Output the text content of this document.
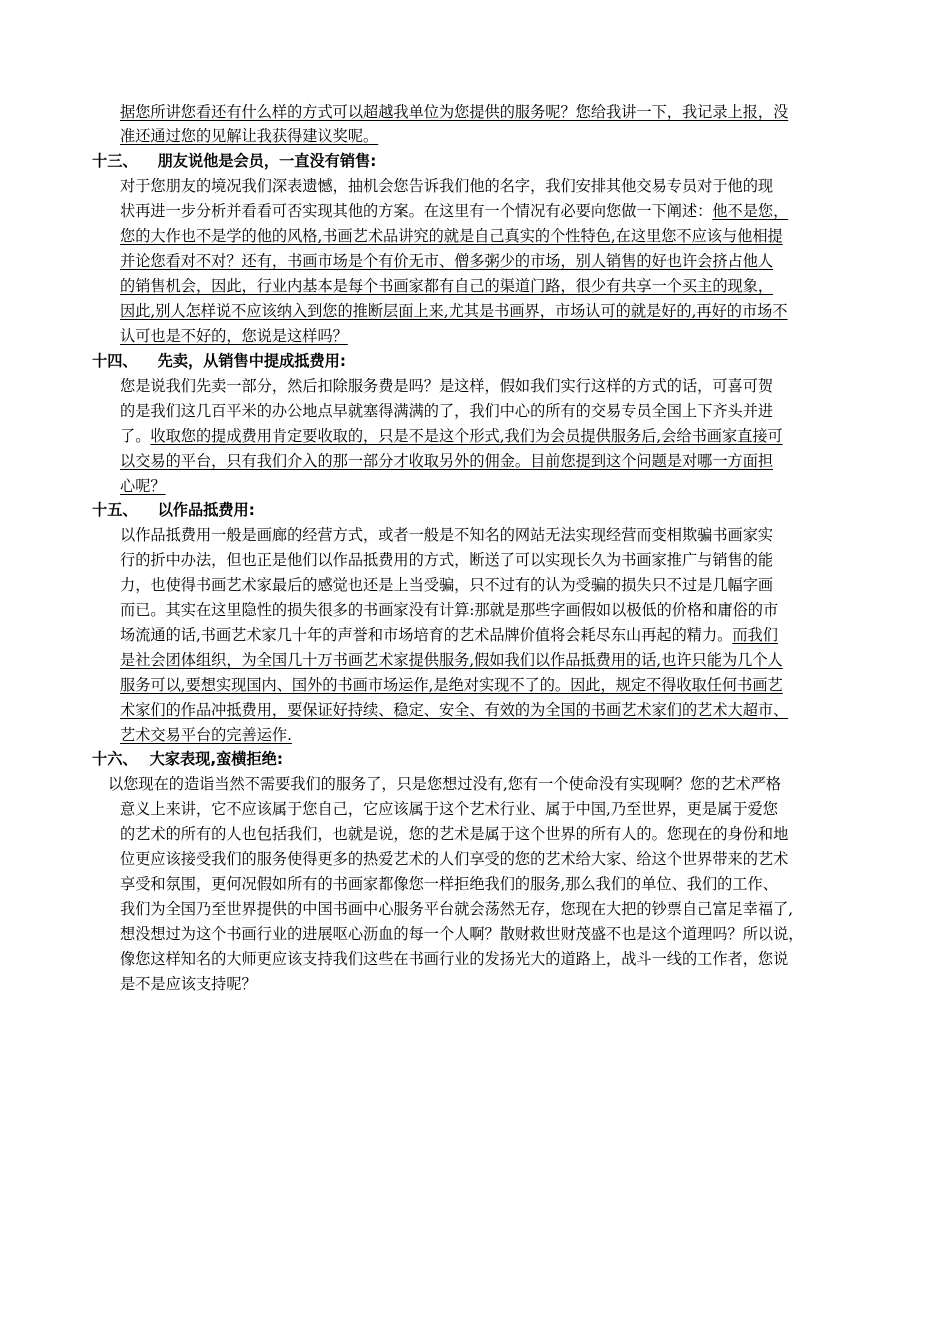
据您所讲您看还有什么样的方式可以超越我单位为您提供的服务呢？您给我讲一下，我记录上报，没
准还通过您的见解让我获得建议奖呢。
十三、 朋友说他是会员，一直没有销售:
对于您朋友的境况我们深表遗憾，抽机会您告诉我们他的名字，我们安排其他交易专员对于他的现
状再进一步分析并看看可否实现其他的方案。在这里有一个情况有必要向您做一下阐述：他不是您，
您的大作也不是学的他的风格,书画艺术品讲究的就是自己真实的个性特色,在这里您不应该与他相提
并论您看对不对？还有，书画市场是个有价无市、僧多粥少的市场，别人销售的好也许会挤占他人
的销售机会，因此，行业内基本是每个书画家都有自己的渠道门路，很少有共享一个买主的现象，
因此,别人怎样说不应该纳入到您的推断层面上来,尤其是书画界，市场认可的就是好的,再好的市场不
认可也是不好的，您说是这样吗？
十四、 先卖，从销售中提成抵费用:
您是说我们先卖一部分，然后扣除服务费是吗？是这样，假如我们实行这样的方式的话，可喜可贺
的是我们这几百平米的办公地点早就塞得满满的了，我们中心的所有的交易专员全国上下齐头并进
了。收取您的提成费用肯定要收取的，只是不是这个形式,我们为会员提供服务后,会给书画家直接可
以交易的平台，只有我们介入的那一部分才收取另外的佣金。目前您提到这个问题是对哪一方面担
心呢？
十五、 以作品抵费用:
以作品抵费用一般是画廊的经营方式，或者一般是不知名的网站无法实现经营而变相欺骗书画家实
行的折中办法，但也正是他们以作品抵费用的方式，断送了可以实现长久为书画家推广与销售的能
力，也使得书画艺术家最后的感觉也还是上当受骗，只不过有的认为受骗的损失只不过是几幅字画
而已。其实在这里隐性的损失很多的书画家没有计算:那就是那些字画假如以极低的价格和庸俗的市
场流通的话,书画艺术家几十年的声誉和市场培育的艺术品牌价值将会耗尽东山再起的精力。而我们
是社会团体组织，为全国几十万书画艺术家提供服务,假如我们以作品抵费用的话,也许只能为几个人
服务可以,要想实现国内、国外的书画市场运作,是绝对实现不了的。因此，规定不得收取任何书画艺
术家们的作品冲抵费用，要保证好持续、稳定、安全、有效的为全国的书画艺术家们的艺术大超市、
艺术交易平台的完善运作.
十六、 大家表现,蛮横拒绝:
以您现在的造诣当然不需要我们的服务了，只是您想过没有,您有一个使命没有实现啊？您的艺术严格
意义上来讲，它不应该属于您自己，它应该属于这个艺术行业、属于中国,乃至世界，更是属于爱您
的艺术的所有的人也包括我们，也就是说，您的艺术是属于这个世界的所有人的。您现在的身份和地
位更应该接受我们的服务使得更多的热爱艺术的人们享受的您的艺术给大家、给这个世界带来的艺术
享受和氛围，更何况假如所有的书画家都像您一样拒绝我们的服务,那么我们的单位、我们的工作、
我们为全国乃至世界提供的中国书画中心服务平台就会荡然无存，您现在大把的钞票自己富足幸福了,
想没想过为这个书画行业的进展呕心沥血的每一个人啊？散财救世财茂盛不也是这个道理吗？所以说，
像您这样知名的大师更应该支持我们这些在书画行业的发扬光大的道路上，战斗一线的工作者，您说
是不是应该支持呢？
